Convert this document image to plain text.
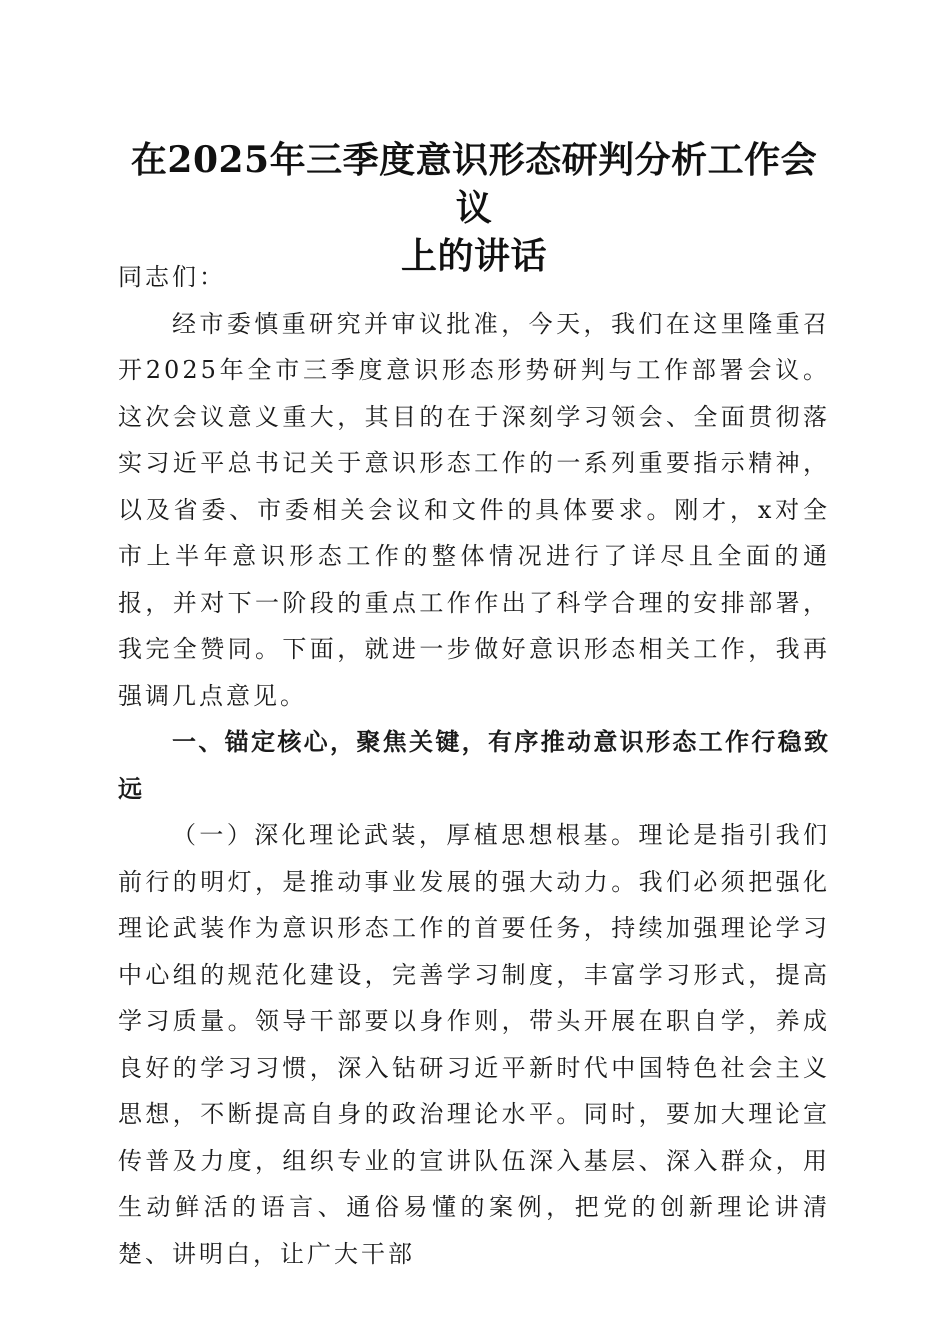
在2025年三季度意识形态研判分析工作会议
上的讲话

同志们：

经市委慎重研究并审议批准，今天，我们在这里隆重召开2025年全市三季度意识形态形势研判与工作部署会议。这次会议意义重大，其目的在于深刻学习领会、全面贯彻落实习近平总书记关于意识形态工作的一系列重要指示精神，以及省委、市委相关会议和文件的具体要求。刚才，x对全市上半年意识形态工作的整体情况进行了详尽且全面的通报，并对下一阶段的重点工作作出了科学合理的安排部署，我完全赞同。下面，就进一步做好意识形态相关工作，我再强调几点意见。

一、锚定核心，聚焦关键，有序推动意识形态工作行稳致远

（一）深化理论武装，厚植思想根基。理论是指引我们前行的明灯，是推动事业发展的强大动力。我们必须把强化理论武装作为意识形态工作的首要任务，持续加强理论学习中心组的规范化建设，完善学习制度，丰富学习形式，提高学习质量。领导干部要以身作则，带头开展在职自学，养成良好的学习习惯，深入钻研习近平新时代中国特色社会主义思想，不断提高自身的政治理论水平。同时，要加大理论宣传普及力度，组织专业的宣讲队伍深入基层、深入群众，用生动鲜活的语言、通俗易懂的案例，把党的创新理论讲清楚、讲明白，让广大干部
